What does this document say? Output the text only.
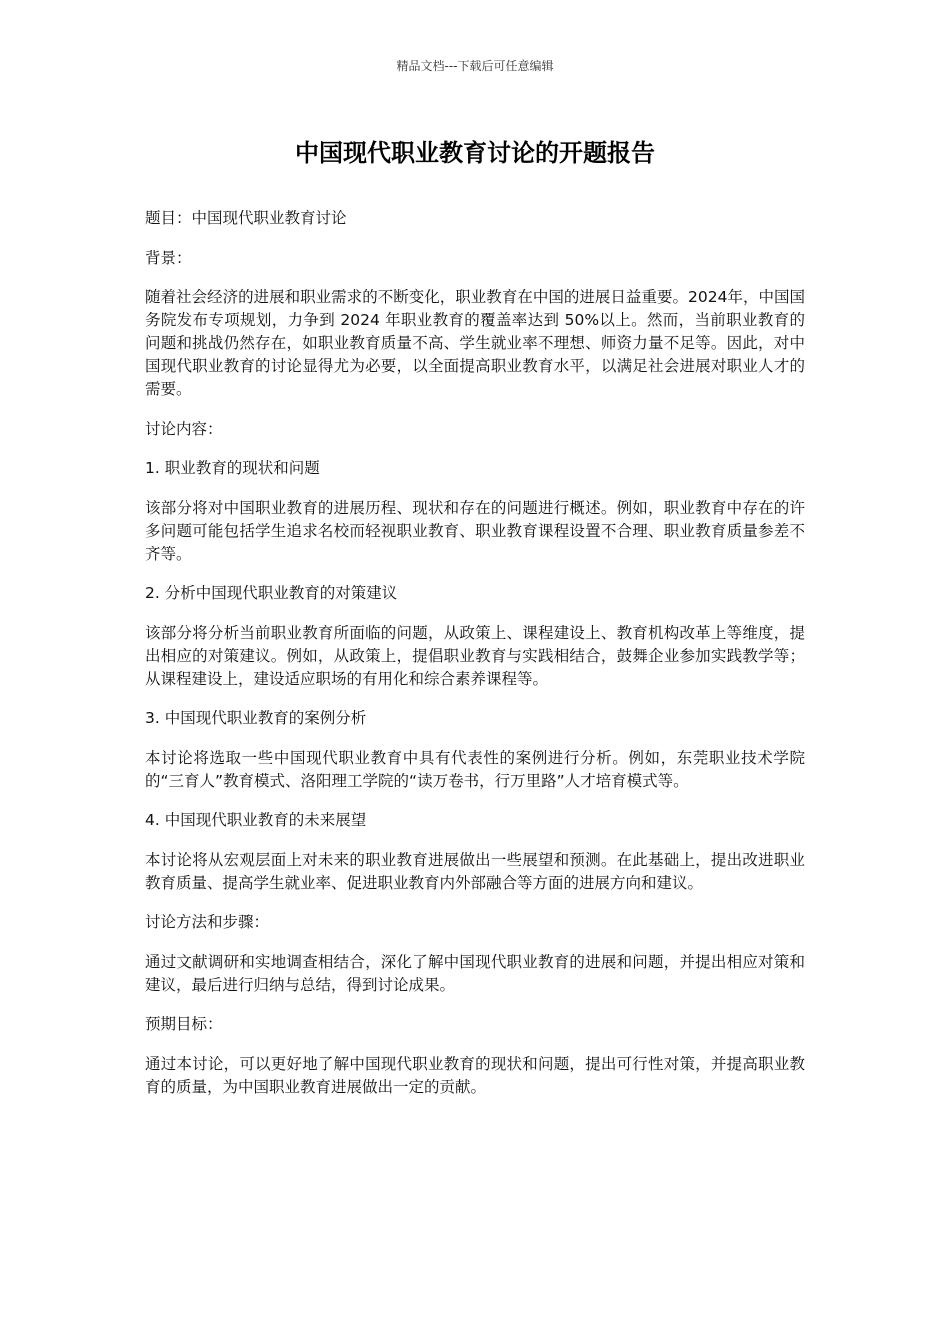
精品文档---下载后可任意编辑
中国现代职业教育讨论的开题报告

题目：中国现代职业教育讨论

背景：

随着社会经济的进展和职业需求的不断变化，职业教育在中国的进展日益重要。2024年，中国国务院发布专项规划，力争到 2024 年职业教育的覆盖率达到 50%以上。然而，当前职业教育的问题和挑战仍然存在，如职业教育质量不高、学生就业率不理想、师资力量不足等。因此，对中国现代职业教育的讨论显得尤为必要，以全面提高职业教育水平，以满足社会进展对职业人才的需要。

讨论内容：

1. 职业教育的现状和问题

该部分将对中国职业教育的进展历程、现状和存在的问题进行概述。例如，职业教育中存在的许多问题可能包括学生追求名校而轻视职业教育、职业教育课程设置不合理、职业教育质量参差不齐等。

2. 分析中国现代职业教育的对策建议

该部分将分析当前职业教育所面临的问题，从政策上、课程建设上、教育机构改革上等维度，提出相应的对策建议。例如，从政策上，提倡职业教育与实践相结合，鼓舞企业参加实践教学等；从课程建设上，建设适应职场的有用化和综合素养课程等。

3. 中国现代职业教育的案例分析

本讨论将选取一些中国现代职业教育中具有代表性的案例进行分析。例如，东莞职业技术学院的“三育人”教育模式、洛阳理工学院的“读万卷书，行万里路”人才培育模式等。

4. 中国现代职业教育的未来展望

本讨论将从宏观层面上对未来的职业教育进展做出一些展望和预测。在此基础上，提出改进职业教育质量、提高学生就业率、促进职业教育内外部融合等方面的进展方向和建议。

讨论方法和步骤：

通过文献调研和实地调查相结合，深化了解中国现代职业教育的进展和问题，并提出相应对策和建议，最后进行归纳与总结，得到讨论成果。

预期目标：

通过本讨论，可以更好地了解中国现代职业教育的现状和问题，提出可行性对策，并提高职业教育的质量，为中国职业教育进展做出一定的贡献。
